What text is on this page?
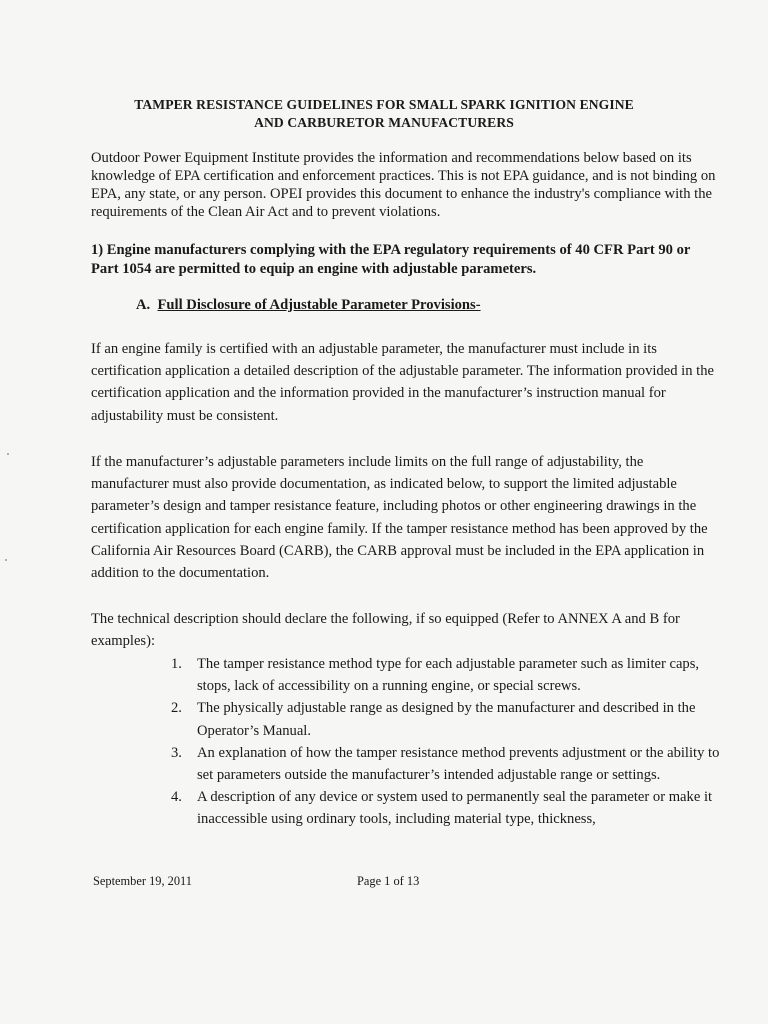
TAMPER RESISTANCE GUIDELINES FOR SMALL SPARK IGNITION ENGINE
AND CARBURETOR MANUFACTURERS
Outdoor Power Equipment Institute provides the information and recommendations below based on its knowledge of EPA certification and enforcement practices. This is not EPA guidance, and is not binding on EPA, any state, or any person. OPEI provides this document to enhance the industry's compliance with the requirements of the Clean Air Act and to prevent violations.
1) Engine manufacturers complying with the EPA regulatory requirements of 40 CFR Part 90 or Part 1054 are permitted to equip an engine with adjustable parameters.
A. Full Disclosure of Adjustable Parameter Provisions-
If an engine family is certified with an adjustable parameter, the manufacturer must include in its certification application a detailed description of the adjustable parameter. The information provided in the certification application and the information provided in the manufacturer’s instruction manual for adjustability must be consistent.
If the manufacturer’s adjustable parameters include limits on the full range of adjustability, the manufacturer must also provide documentation, as indicated below, to support the limited adjustable parameter’s design and tamper resistance feature, including photos or other engineering drawings in the certification application for each engine family. If the tamper resistance method has been approved by the California Air Resources Board (CARB), the CARB approval must be included in the EPA application in addition to the documentation.
The technical description should declare the following, if so equipped (Refer to ANNEX A and B for examples):
1. The tamper resistance method type for each adjustable parameter such as limiter caps, stops, lack of accessibility on a running engine, or special screws.
2. The physically adjustable range as designed by the manufacturer and described in the Operator’s Manual.
3. An explanation of how the tamper resistance method prevents adjustment or the ability to set parameters outside the manufacturer’s intended adjustable range or settings.
4. A description of any device or system used to permanently seal the parameter or make it inaccessible using ordinary tools, including material type, thickness,
September 19, 2011	Page 1 of 13
